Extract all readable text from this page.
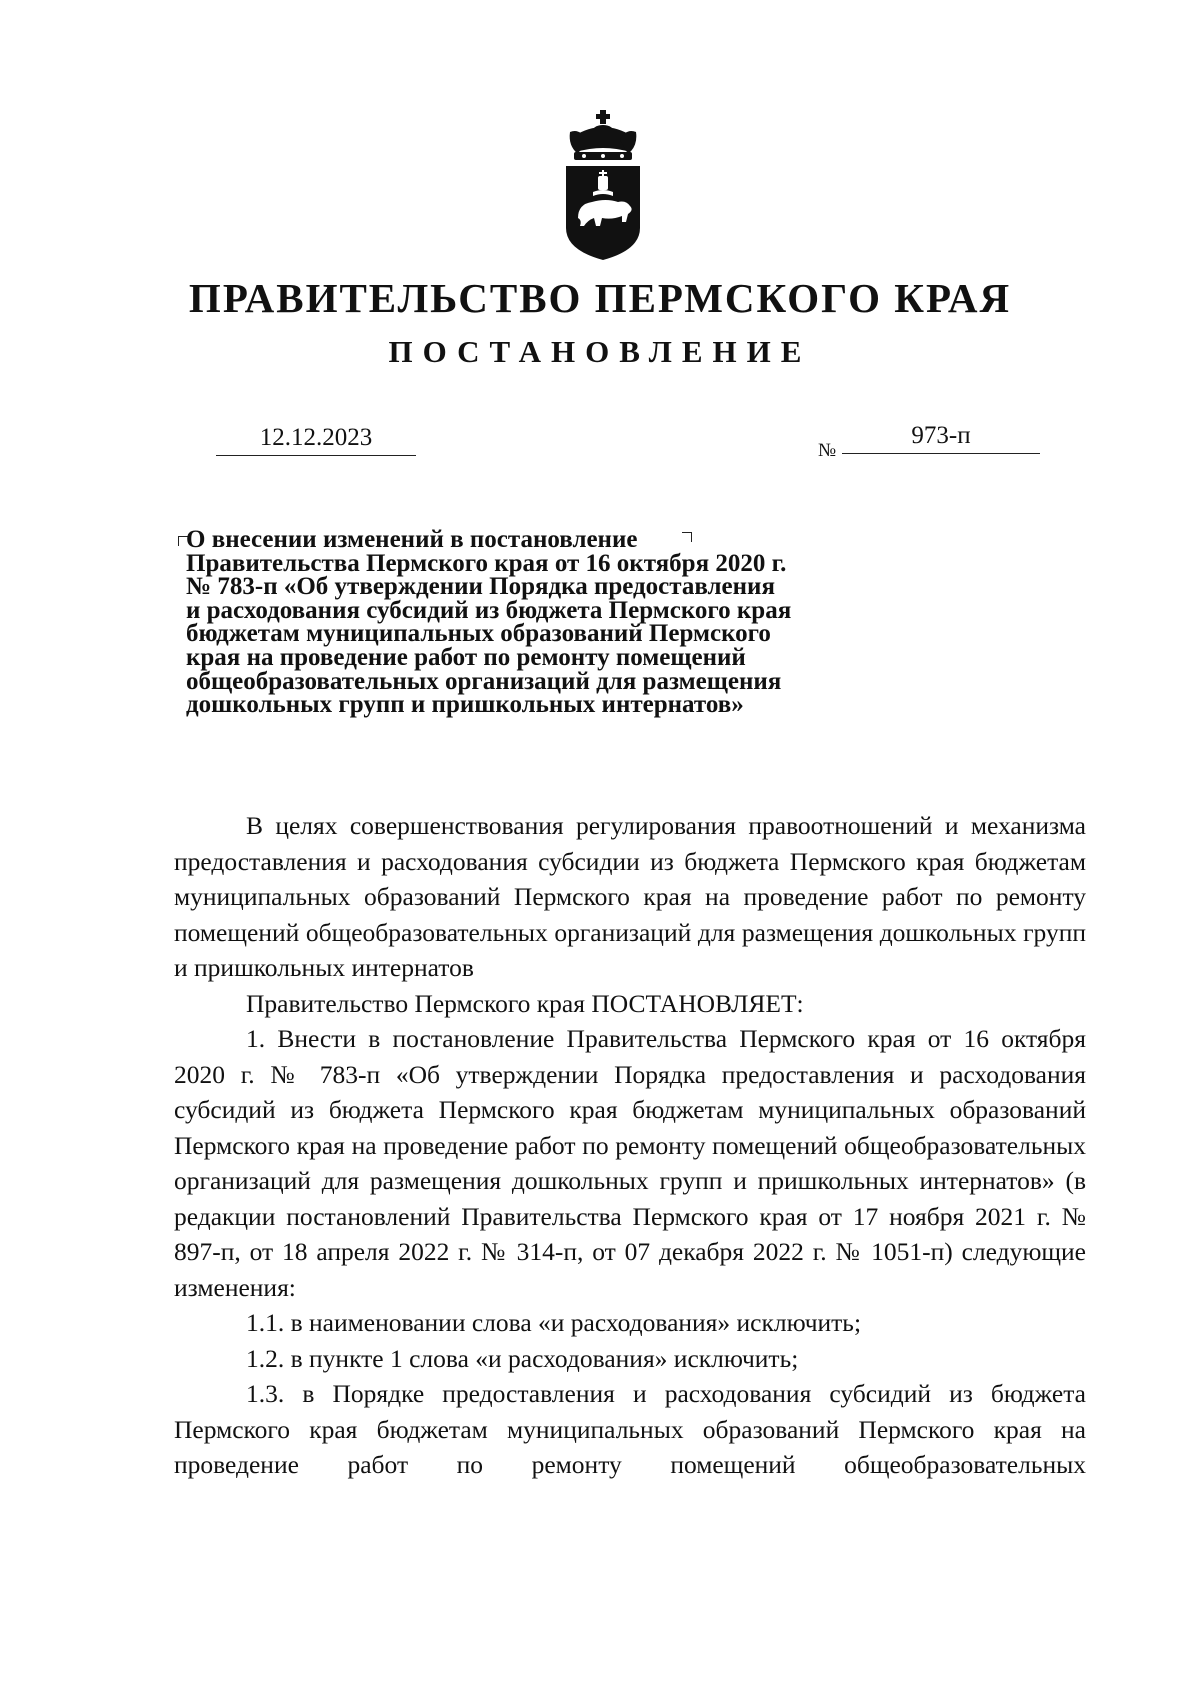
ПРАВИТЕЛЬСТВО ПЕРМСКОГО КРАЯ
ПОСТАНОВЛЕНИЕ
12.12.2023	№
973-п
О внесении изменений в постановление
Правительства Пермского края от 16 октября 2020 г.
№ 783-п «Об утверждении Порядка предоставления
и расходования субсидий из бюджета Пермского края
бюджетам муниципальных образований Пермского
края на проведение работ по ремонту помещений
общеобразовательных организаций для размещения
дошкольных групп и пришкольных интернатов»

В целях совершенствования регулирования правоотношений и механизма предоставления и расходования субсидии из бюджета Пермского края бюджетам муниципальных образований Пермского края на проведение работ по ремонту помещений общеобразовательных организаций для размещения дошкольных групп и пришкольных интернатов

Правительство Пермского края ПОСТАНОВЛЯЕТ:

1. Внести в постановление Правительства Пермского края от 16 октября 2020 г. № 783-п «Об утверждении Порядка предоставления и расходования субсидий из бюджета Пермского края бюджетам муниципальных образований Пермского края на проведение работ по ремонту помещений общеобразовательных организаций для размещения дошкольных групп и пришкольных интернатов» (в редакции постановлений Правительства Пермского края от 17 ноября 2021 г. № 897-п, от 18 апреля 2022 г. № 314-п, от 07 декабря 2022 г. № 1051-п) следующие изменения:

1.1. в наименовании слова «и расходования» исключить;

1.2. в пункте 1 слова «и расходования» исключить;

1.3. в Порядке предоставления и расходования субсидий из бюджета Пермского края бюджетам муниципальных образований Пермского края на проведение работ по ремонту помещений общеобразовательных
